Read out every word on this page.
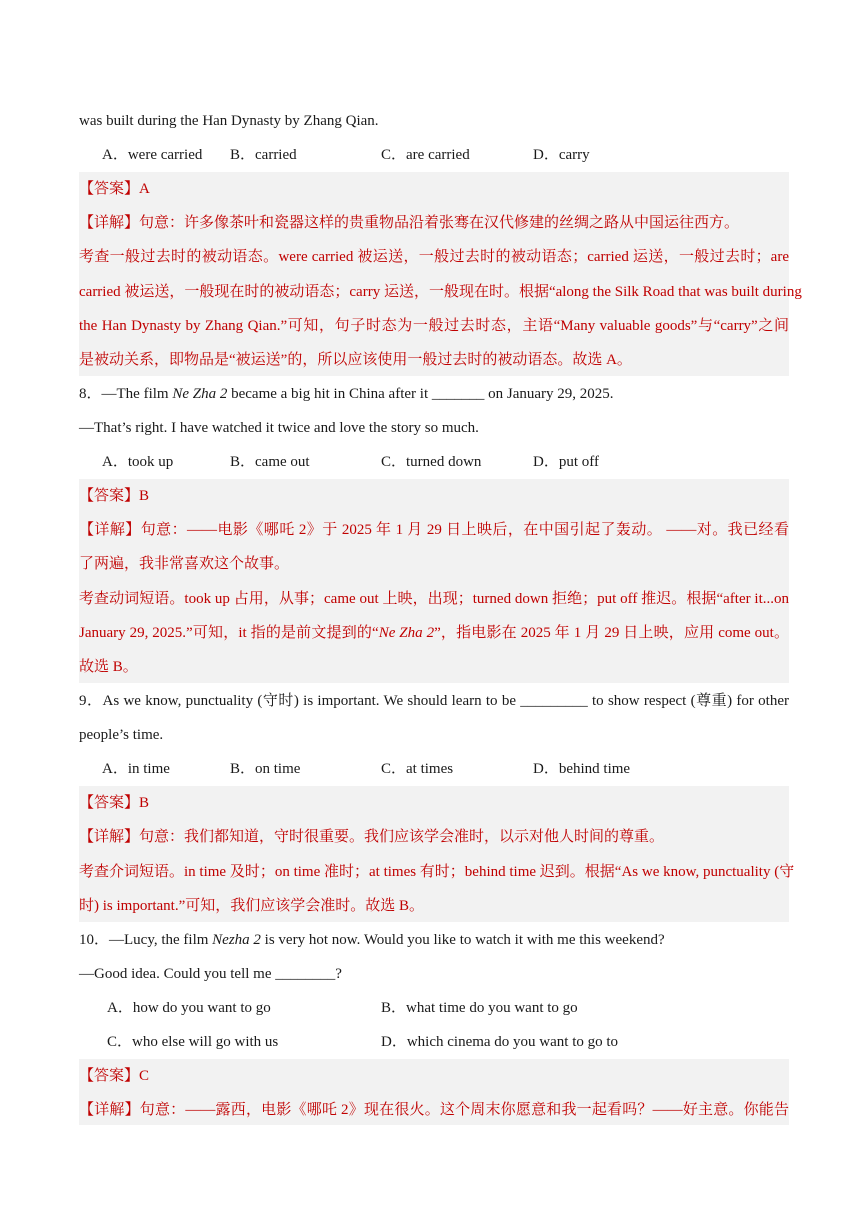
was built during the Han Dynasty by Zhang Qian.
A．were carried B．carried	C．are carried	D．carry
【答案】A
【详解】句意：许多像茶叶和瓷器这样的贵重物品沿着张骞在汉代修建的丝绸之路从中国运往西方。
考查一般过去时的被动语态。were carried 被运送，一般过去时的被动语态；carried 运送，一般过去时；are
carried 被运送，一般现在时的被动语态；carry 运送，一般现在时。根据“along the Silk Road that was built during
the Han Dynasty by Zhang Qian.”可知，句子时态为一般过去时态，主语“Many valuable goods”与“carry”之间
是被动关系，即物品是“被运送”的，所以应该使用一般过去时的被动语态。故选 A。
8．—The film Ne Zha 2 became a big hit in China after it _______ on January 29, 2025.
—That’s right. I have watched it twice and love the story so much.
A．took up	B．came out	C．turned down	D．put off
【答案】B
【详解】句意：——电影《哪吒 2》于 2025 年 1 月 29 日上映后，在中国引起了轰动。 ——对。我已经看
了两遍，我非常喜欢这个故事。
考查动词短语。took up 占用，从事；came out 上映，出现；turned down 拒绝；put off 推迟。根据“after it...on
January 29, 2025.”可知，it 指的是前文提到的“Ne Zha 2”，指电影在 2025 年 1 月 29 日上映，应用 come out。
故选 B。
9．As we know, punctuality (守时) is important. We should learn to be _________ to show respect (尊重) for other
people’s time.
A．in time	B．on time	C．at times	D．behind time
【答案】B
【详解】句意：我们都知道，守时很重要。我们应该学会准时，以示对他人时间的尊重。
考查介词短语。in time 及时；on time 准时；at times 有时；behind time 迟到。根据“As we know, punctuality (守
时) is important.”可知，我们应该学会准时。故选 B。
10．—Lucy, the film Nezha 2 is very hot now. Would you like to watch it with me this weekend?
—Good idea. Could you tell me ________?
A．how do you want to go	B．what time do you want to go
C．who else will go with us	D．which cinema do you want to go to
【答案】C
【详解】句意：——露西，电影《哪吒 2》现在很火。这个周末你愿意和我一起看吗？——好主意。你能告
